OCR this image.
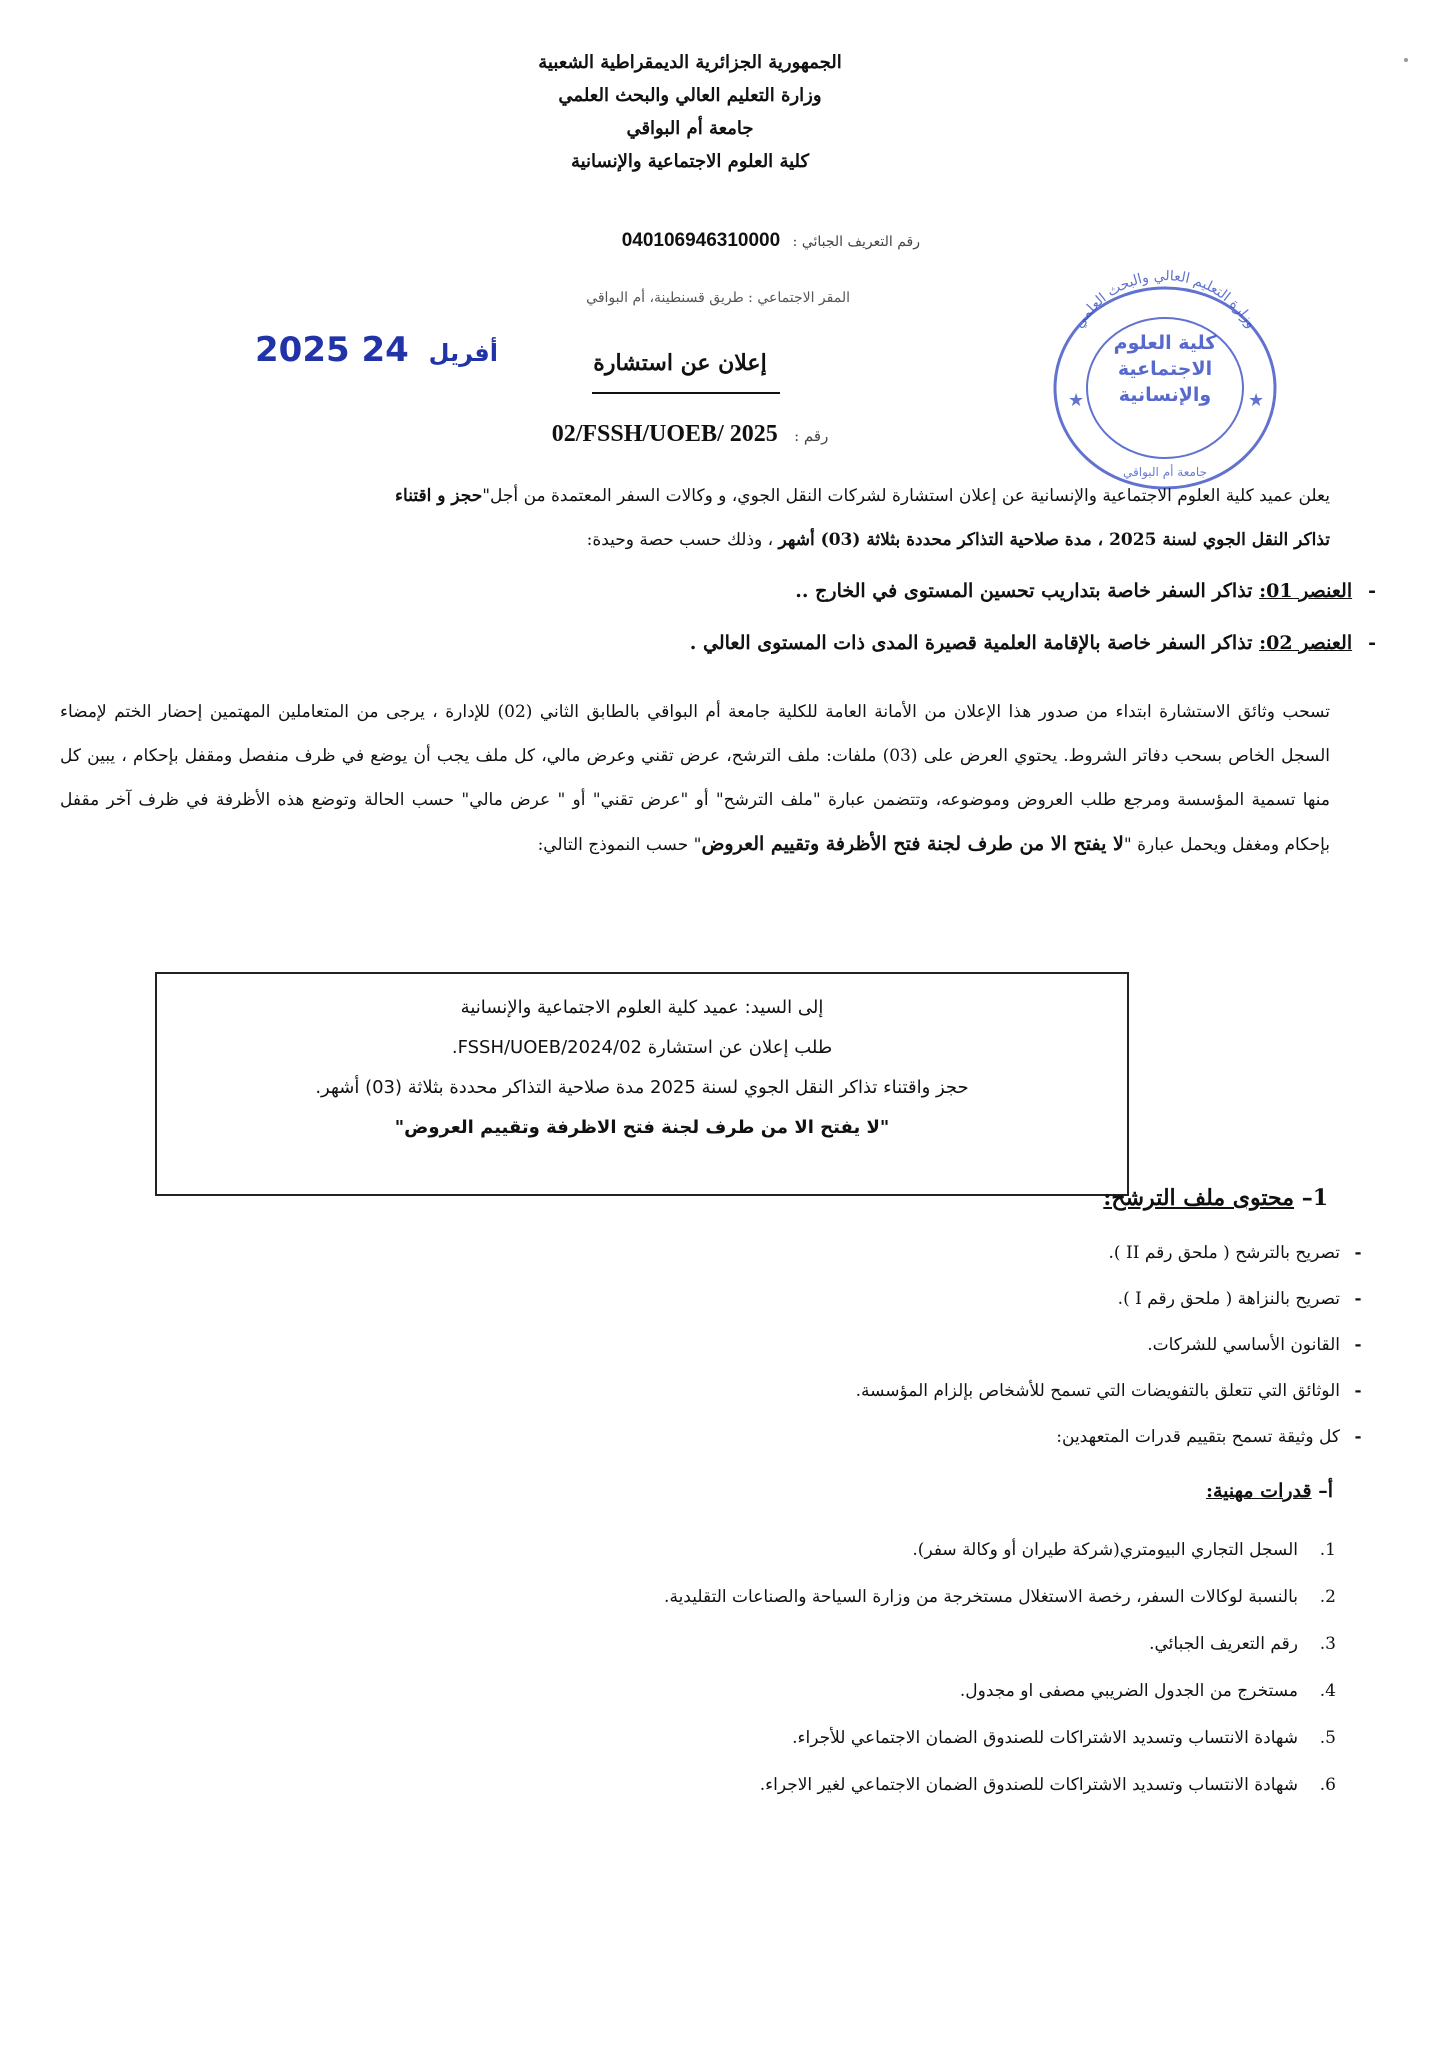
الجمهورية الجزائرية الديمقراطية الشعبية
وزارة التعليم العالي والبحث العلمي
جامعة أم البواقي
كلية العلوم الاجتماعية والإنسانية
رقم التعريف الجبائي : 040106946310000
المقر الاجتماعي : طريق قسنطينة، أم البواقي
2025	أفريل 24	إعلان عن استشارة
رقم : 02/FSSH/UOEB/ 2025
وزارة التعليم العالي والبحث العلمي
★	★
كلية العلوم الاجتماعية والإنسانية
جامعة أم البواقي
يعلن عميد كلية العلوم الاجتماعية والإنسانية عن إعلان استشارة لشركات النقل الجوي، و وكالات السفر المعتمدة من أجل"حجز و اقتناء
تذاكر النقل الجوي لسنة 2025 ، مدة صلاحية التذاكر محددة بثلاثة (03) أشهر ، وذلك حسب حصة وحيدة:
-العنصر 01: تذاكر السفر خاصة بتداريب تحسين المستوى في الخارج ..
-العنصر 02: تذاكر السفر خاصة بالإقامة العلمية قصيرة المدى ذات المستوى العالي .
تسحب وثائق الاستشارة ابتداء من صدور هذا الإعلان من الأمانة العامة للكلية جامعة أم البواقي بالطابق الثاني (02) للإدارة ، يرجى من المتعاملين المهتمين إحضار الختم لإمضاء السجل الخاص بسحب دفاتر الشروط. يحتوي العرض على (03) ملفات: ملف الترشح، عرض تقني وعرض مالي، كل ملف يجب أن يوضع في ظرف منفصل ومقفل بإحكام ، يبين كل منها تسمية المؤسسة ومرجع طلب العروض وموضوعه، وتتضمن عبارة "ملف الترشح" أو "عرض تقني" أو " عرض مالي" حسب الحالة وتوضع هذه الأظرفة في ظرف آخر مقفل بإحكام ومغفل ويحمل عبارة "لا يفتح الا من طرف لجنة فتح الأظرفة وتقييم العروض" حسب النموذج التالي:
إلى السيد: عميد كلية العلوم الاجتماعية والإنسانية
طلب إعلان عن استشارة 02/FSSH/UOEB/2024.
حجز واقتناء تذاكر النقل الجوي لسنة 2025 مدة صلاحية التذاكر محددة بثلاثة (03) أشهر.
"لا يفتح الا من طرف لجنة فتح الاظرفة وتقييم العروض"
1– محتوى ملف الترشح:
-تصريح بالترشح ( ملحق رقم II ).
-تصريح بالنزاهة ( ملحق رقم I ).
-القانون الأساسي للشركات.
-الوثائق التي تتعلق بالتفويضات التي تسمح للأشخاص بإلزام المؤسسة.
-كل وثيقة تسمح بتقييم قدرات المتعهدين:
أ– قدرات مهنية:
1.السجل التجاري البيومتري(شركة طيران أو وكالة سفر).
2.بالنسبة لوكالات السفر، رخصة الاستغلال مستخرجة من وزارة السياحة والصناعات التقليدية.
3.رقم التعريف الجبائي.
4.مستخرج من الجدول الضريبي مصفى او مجدول.
5.شهادة الانتساب وتسديد الاشتراكات للصندوق الضمان الاجتماعي للأجراء.
6.شهادة الانتساب وتسديد الاشتراكات للصندوق الضمان الاجتماعي لغير الاجراء.
